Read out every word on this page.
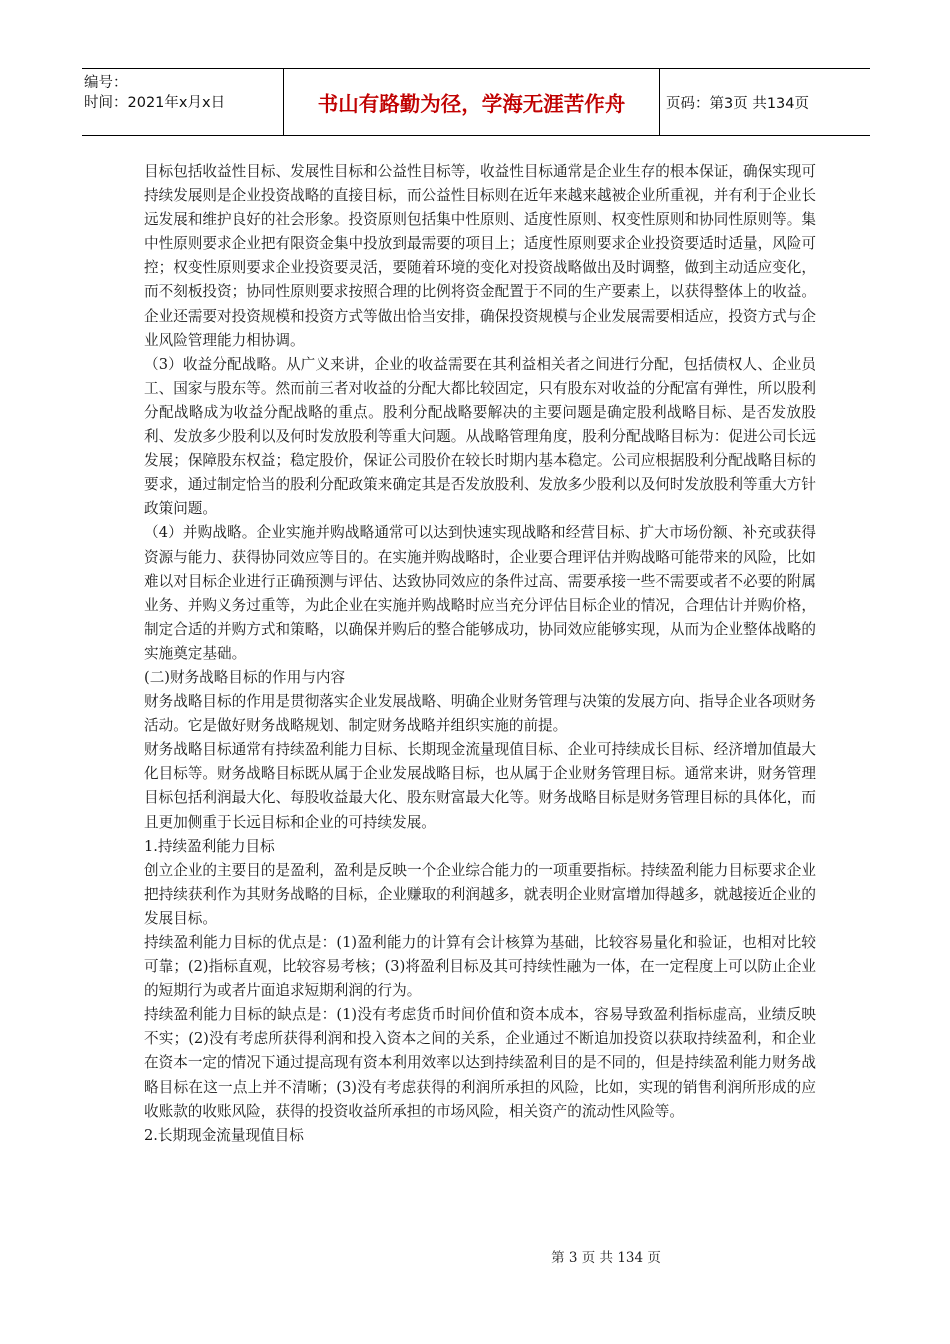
编号：
时间：2021年x月x日	书山有路勤为径，学海无涯苦作舟	页码：第3页 共134页

目标包括收益性目标、发展性目标和公益性目标等，收益性目标通常是企业生存的根本保证，确保实现可持续发展则是企业投资战略的直接目标，而公益性目标则在近年来越来越被企业所重视，并有利于企业长远发展和维护良好的社会形象。投资原则包括集中性原则、适度性原则、权变性原则和协同性原则等。集中性原则要求企业把有限资金集中投放到最需要的项目上；适度性原则要求企业投资要适时适量，风险可控；权变性原则要求企业投资要灵活，要随着环境的变化对投资战略做出及时调整，做到主动适应变化，而不刻板投资；协同性原则要求按照合理的比例将资金配置于不同的生产要素上，以获得整体上的收益。企业还需要对投资规模和投资方式等做出恰当安排，确保投资规模与企业发展需要相适应，投资方式与企业风险管理能力相协调。

（3）收益分配战略。从广义来讲，企业的收益需要在其利益相关者之间进行分配，包括债权人、企业员工、国家与股东等。然而前三者对收益的分配大都比较固定，只有股东对收益的分配富有弹性，所以股利分配战略成为收益分配战略的重点。股利分配战略要解决的主要问题是确定股利战略目标、是否发放股利、发放多少股利以及何时发放股利等重大问题。从战略管理角度，股利分配战略目标为：促进公司长远发展；保障股东权益；稳定股价，保证公司股价在较长时期内基本稳定。公司应根据股利分配战略目标的要求，通过制定恰当的股利分配政策来确定其是否发放股利、发放多少股利以及何时发放股利等重大方针政策问题。

（4）并购战略。企业实施并购战略通常可以达到快速实现战略和经营目标、扩大市场份额、补充或获得资源与能力、获得协同效应等目的。在实施并购战略时，企业要合理评估并购战略可能带来的风险，比如难以对目标企业进行正确预测与评估、达致协同效应的条件过高、需要承接一些不需要或者不必要的附属业务、并购义务过重等，为此企业在实施并购战略时应当充分评估目标企业的情况，合理估计并购价格，制定合适的并购方式和策略，以确保并购后的整合能够成功，协同效应能够实现，从而为企业整体战略的实施奠定基础。

(二)财务战略目标的作用与内容

财务战略目标的作用是贯彻落实企业发展战略、明确企业财务管理与决策的发展方向、指导企业各项财务活动。它是做好财务战略规划、制定财务战略并组织实施的前提。

财务战略目标通常有持续盈利能力目标、长期现金流量现值目标、企业可持续成长目标、经济增加值最大化目标等。财务战略目标既从属于企业发展战略目标，也从属于企业财务管理目标。通常来讲，财务管理目标包括利润最大化、每股收益最大化、股东财富最大化等。财务战略目标是财务管理目标的具体化，而且更加侧重于长远目标和企业的可持续发展。

1.持续盈利能力目标

创立企业的主要目的是盈利，盈利是反映一个企业综合能力的一项重要指标。持续盈利能力目标要求企业把持续获利作为其财务战略的目标，企业赚取的利润越多，就表明企业财富增加得越多，就越接近企业的发展目标。

持续盈利能力目标的优点是：(1)盈利能力的计算有会计核算为基础，比较容易量化和验证，也相对比较可靠；(2)指标直观，比较容易考核；(3)将盈利目标及其可持续性融为一体，在一定程度上可以防止企业的短期行为或者片面追求短期利润的行为。

持续盈利能力目标的缺点是：(1)没有考虑货币时间价值和资本成本，容易导致盈利指标虚高，业绩反映不实；(2)没有考虑所获得利润和投入资本之间的关系，企业通过不断追加投资以获取持续盈利，和企业在资本一定的情况下通过提高现有资本利用效率以达到持续盈利目的是不同的，但是持续盈利能力财务战略目标在这一点上并不清晰；(3)没有考虑获得的利润所承担的风险，比如，实现的销售利润所形成的应收账款的收账风险，获得的投资收益所承担的市场风险，相关资产的流动性风险等。

2.长期现金流量现值目标

第 3 页 共 134 页
